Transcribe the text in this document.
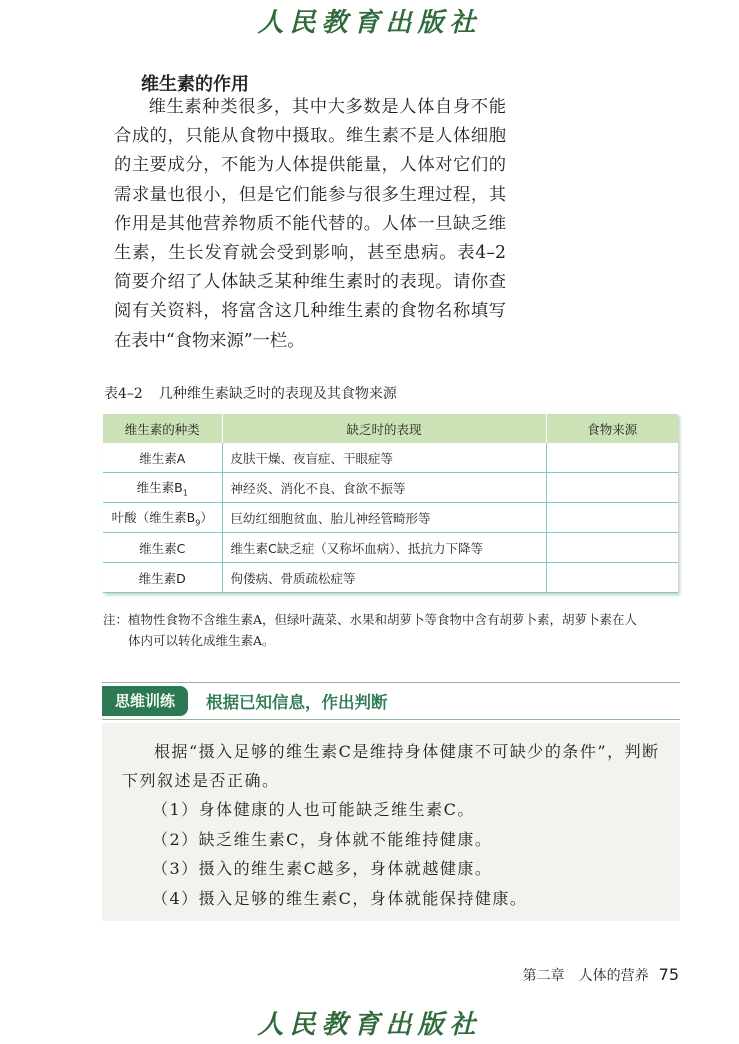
人民教育出版社
维生素的作用

维生素种类很多，其中大多数是人体自身不能合成的，只能从食物中摄取。维生素不是人体细胞的主要成分，不能为人体提供能量，人体对它们的需求量也很小，但是它们能参与很多生理过程，其作用是其他营养物质不能代替的。人体一旦缺乏维生素，生长发育就会受到影响，甚至患病。表4–2简要介绍了人体缺乏某种维生素时的表现。请你查阅有关资料，将富含这几种维生素的食物名称填写在表中“食物来源”一栏。

表4–2 几种维生素缺乏时的表现及其食物来源

维生素的种类	缺乏时的表现	食物来源
维生素A	皮肤干燥、夜盲症、干眼症等	
维生素$B_1$	神经炎、消化不良、食欲不振等	
叶酸（维生素$B_9$）	巨幼红细胞贫血、胎儿神经管畸形等	
维生素C	维生素C缺乏症（又称坏血病）、抵抗力下降等	
维生素D	佝偻病、骨质疏松症等	
注：植物性食物不含维生素A，但绿叶蔬菜、水果和胡萝卜等食物中含有胡萝卜素，胡萝卜素在人
体内可以转化成维生素A。
思维训练	根据已知信息，作出判断

根据“摄入足够的维生素C是维持身体健康不可缺少的条件”，判断下列叙述是否正确。

（1）身体健康的人也可能缺乏维生素C。
（2）缺乏维生素C，身体就不能维持健康。
（3）摄入的维生素C越多，身体就越健康。
（4）摄入足够的维生素C，身体就能保持健康。
第二章　人体的营养 75
人民教育出版社
